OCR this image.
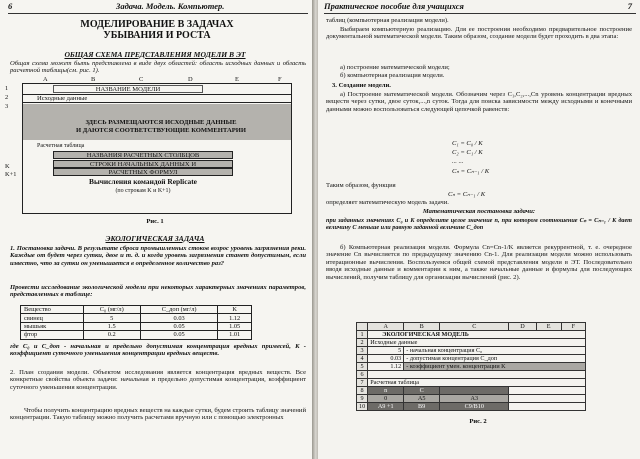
6	Задача. Модель. Компьютер.
МОДЕЛИРОВАНИЕ В ЗАДАЧАХ
УБЫВАНИЯ И РОСТА
ОБЩАЯ СХЕМА ПРЕДСТАВЛЕНИЯ МОДЕЛИ В ЭТ
Общая схема может быть представлена в виде двух областей: область исходных данных и область расчетной таблицы(см. рис. 1).
A	B	C	D	E	F
1
2
3
K
K+1
НАЗВАНИЕ МОДЕЛИ
Исходные данные
ЗДЕСЬ РАЗМЕЩАЮТСЯ ИСХОДНЫЕ ДАННЫЕ
И ДАЮТСЯ СООТВЕТСТВУЮЩИЕ КОММЕНТАРИИ
Расчетная таблица
НАЗВАНИЯ РАСЧЕТНЫХ СТОЛБЦОВ
СТРОКИ НАЧАЛЬНЫХ ДАННЫХ И
РАСЧЕТНЫХ ФОРМУЛ
Вычисления командой Replicate
(по строкам K и K+1)
Рис. 1
ЭКОЛОГИЧЕСКАЯ ЗАДАЧА
1. Постановка задачи. В результате сброса промышленных стоков возрос уровень загрязнения реки. Каждые от будет через сутки, двое и т. д. и когда уровень загрязнения станет допустимым, если известно, что за сутки он уменьшается в определенное количество раз?
Провести исследование экологической модели при некоторых характерных значениях параметров, представленных в таблице:
Вещество	C₀ (мг/л)	C_доп (мг/л)	K
свинец	5	0.03	1.12
мышьяк	1.5	0.05	1.05
фтор	0.2	0.05	1.01
где C₀ и C_доп - начальная и предельно допустимая концентрация вредных примесей, K - коэффициент суточного уменьшения концентрации вредных веществ.
2. План создания модели. Объектом исследования является концентрация вредных веществ. Все конкретные свойства объекта задачи: начальная и предельно допустимая концентрация, коэффициент суточного уменьшения концентрации.
Чтобы получить концентрацию вредных веществ на каждые сутки, будем строить таблицу значений концентрации. Такую таблицу можно получить расчетами вручную или с помощью электронных
Практическое пособие для учащихся	7
таблиц (компьютерная реализация модели).
Выбираем компьютерную реализацию. Для ее построения необходимо предварительное построение документальной математической модели. Таким образом, создание модели будет проходить в два этапа:
а) построение математической модели;
б) компьютерная реализация модели.
3. Создание модели.
а) Построение математической модели. Обозначим через C₁,C₂,...,Cn уровень концентрации вредных веществ через сутки, двое суток,...,n суток. Тогда для поиска зависимости между исходными и конечными данными можно воспользоваться следующей цепочкой равенств:
C₁ = C₀ / K
C₂ = C₁ / K
... ...
Cₙ = Cₙ₋₁ / K
Таким образом, функция
Cₙ = Cₙ₋₁ / K
определяет математическую модель задачи.
Математическая постановка задачи:
при заданных значениях C₀ и K определите целое значение n, при котором соотношение Cₙ = Cₙ₋₁ / K дает величину C меньше или равную заданной величине C_доп
б) Компьютерная реализация модели. Формула Cn=Cn-1/K является рекуррентной, т. е. очередное значение Cn вычисляется по предыдущему значению Cn-1. Для реализации модели можно использовать итерационные вычисления. Воспользуемся общей схемой представления модели в ЭТ. Последовательно вводя исходные данные и комментарии к ним, а также начальные данные и формулы для последующих вычислений, получим таблицу для организации вычислений (рис. 2).
	A	B	C	D	E	F
1	ЭКОЛОГИЧЕСКАЯ МОДЕЛЬ					
2	Исходные данные					
3	5	- начальная концентрация C₀				
4	0.03	- допустимая концентрация C_доп				
5	1.12	- коэффициент умен. концентрации K				
6						
7	Расчетная таблица					
8	n	C				
9	0	A5	A3			
10	A9 +1	B9	C9/B10			
Рис. 2
